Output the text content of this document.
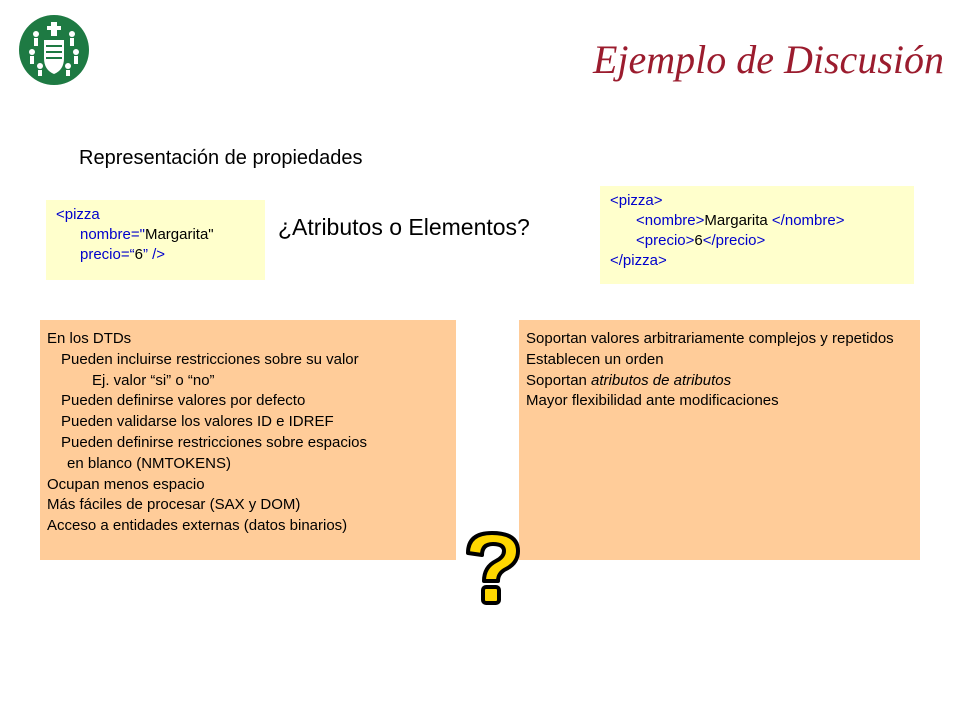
Ejemplo de Discusión
Representación de propiedades
<pizza
nombre="Margarita"
precio=“6” />
¿Atributos o Elementos?
<pizza>
<nombre>Margarita </nombre>
<precio>6</precio>
</pizza>
En los DTDs
Pueden incluirse restricciones sobre su valor
Ej. valor “si” o “no”
Pueden definirse valores por defecto
Pueden validarse los valores ID e IDREF
Pueden definirse restricciones sobre espacios
en blanco (NMTOKENS)
Ocupan menos espacio
Más fáciles de procesar (SAX y DOM)
Acceso a entidades externas (datos binarios)
Soportan valores arbitrariamente complejos y repetidos
Establecen un orden
Soportan atributos de atributos
Mayor flexibilidad ante modificaciones
